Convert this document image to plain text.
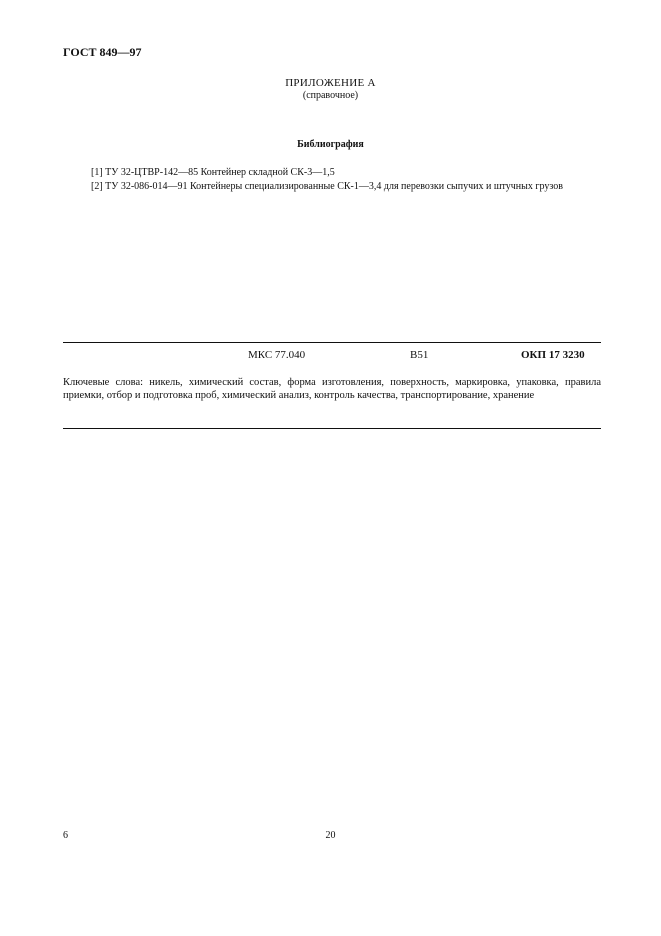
ГОСТ 849—97
ПРИЛОЖЕНИЕ А
(справочное)
Библиография
[1] ТУ 32-ЦТВР-142—85 Контейнер складной СК-3—1,5
[2] ТУ 32-086-014—91 Контейнеры специализированные СК-1—3,4 для перевозки сыпучих и штучных грузов
МКС 77.040	В51	ОКП 17 3230
Ключевые слова: никель, химический состав, форма изготовления, поверхность, маркировка, упаковка, правила приемки, отбор и подготовка проб, химический анализ, контроль качества, транспортирование, хранение
6	20
